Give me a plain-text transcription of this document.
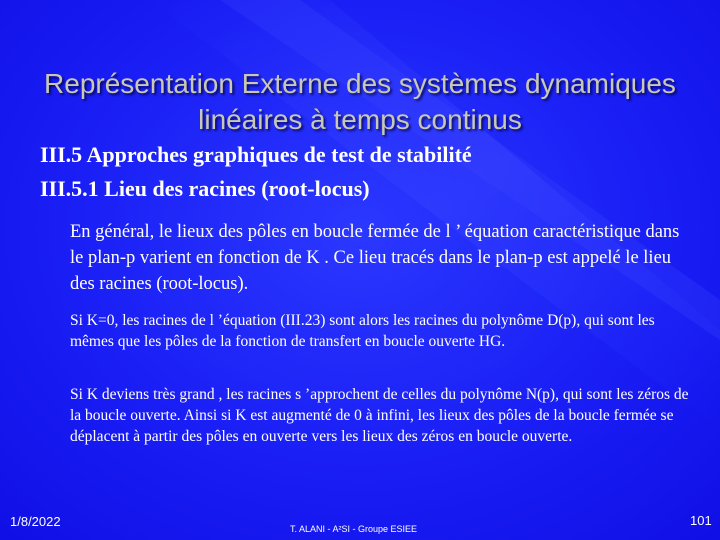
Représentation Externe des systèmes dynamiques linéaires à temps continus
III.5 Approches graphiques de test de stabilité
III.5.1 Lieu des racines (root-locus)

En général, le lieux des pôles en boucle fermée de l ’ équation caractéristique dans le plan-p varient en fonction de K . Ce lieu tracés dans le plan-p est appelé le lieu des racines (root-locus).

Si K=0, les racines de l ’équation (III.23) sont alors les racines du polynôme D(p), qui sont les mêmes que les pôles de la fonction de transfert en boucle ouverte HG.

Si K deviens très grand , les racines s ’approchent de celles du polynôme N(p), qui sont les zéros de la boucle ouverte. Ainsi si K est augmenté de 0 à infini, les lieux des pôles de la boucle fermée se déplacent à partir des pôles en ouverte vers les lieux des zéros en boucle ouverte.

1/8/2022	T. ALANI - A²SI - Groupe ESIEE
101
